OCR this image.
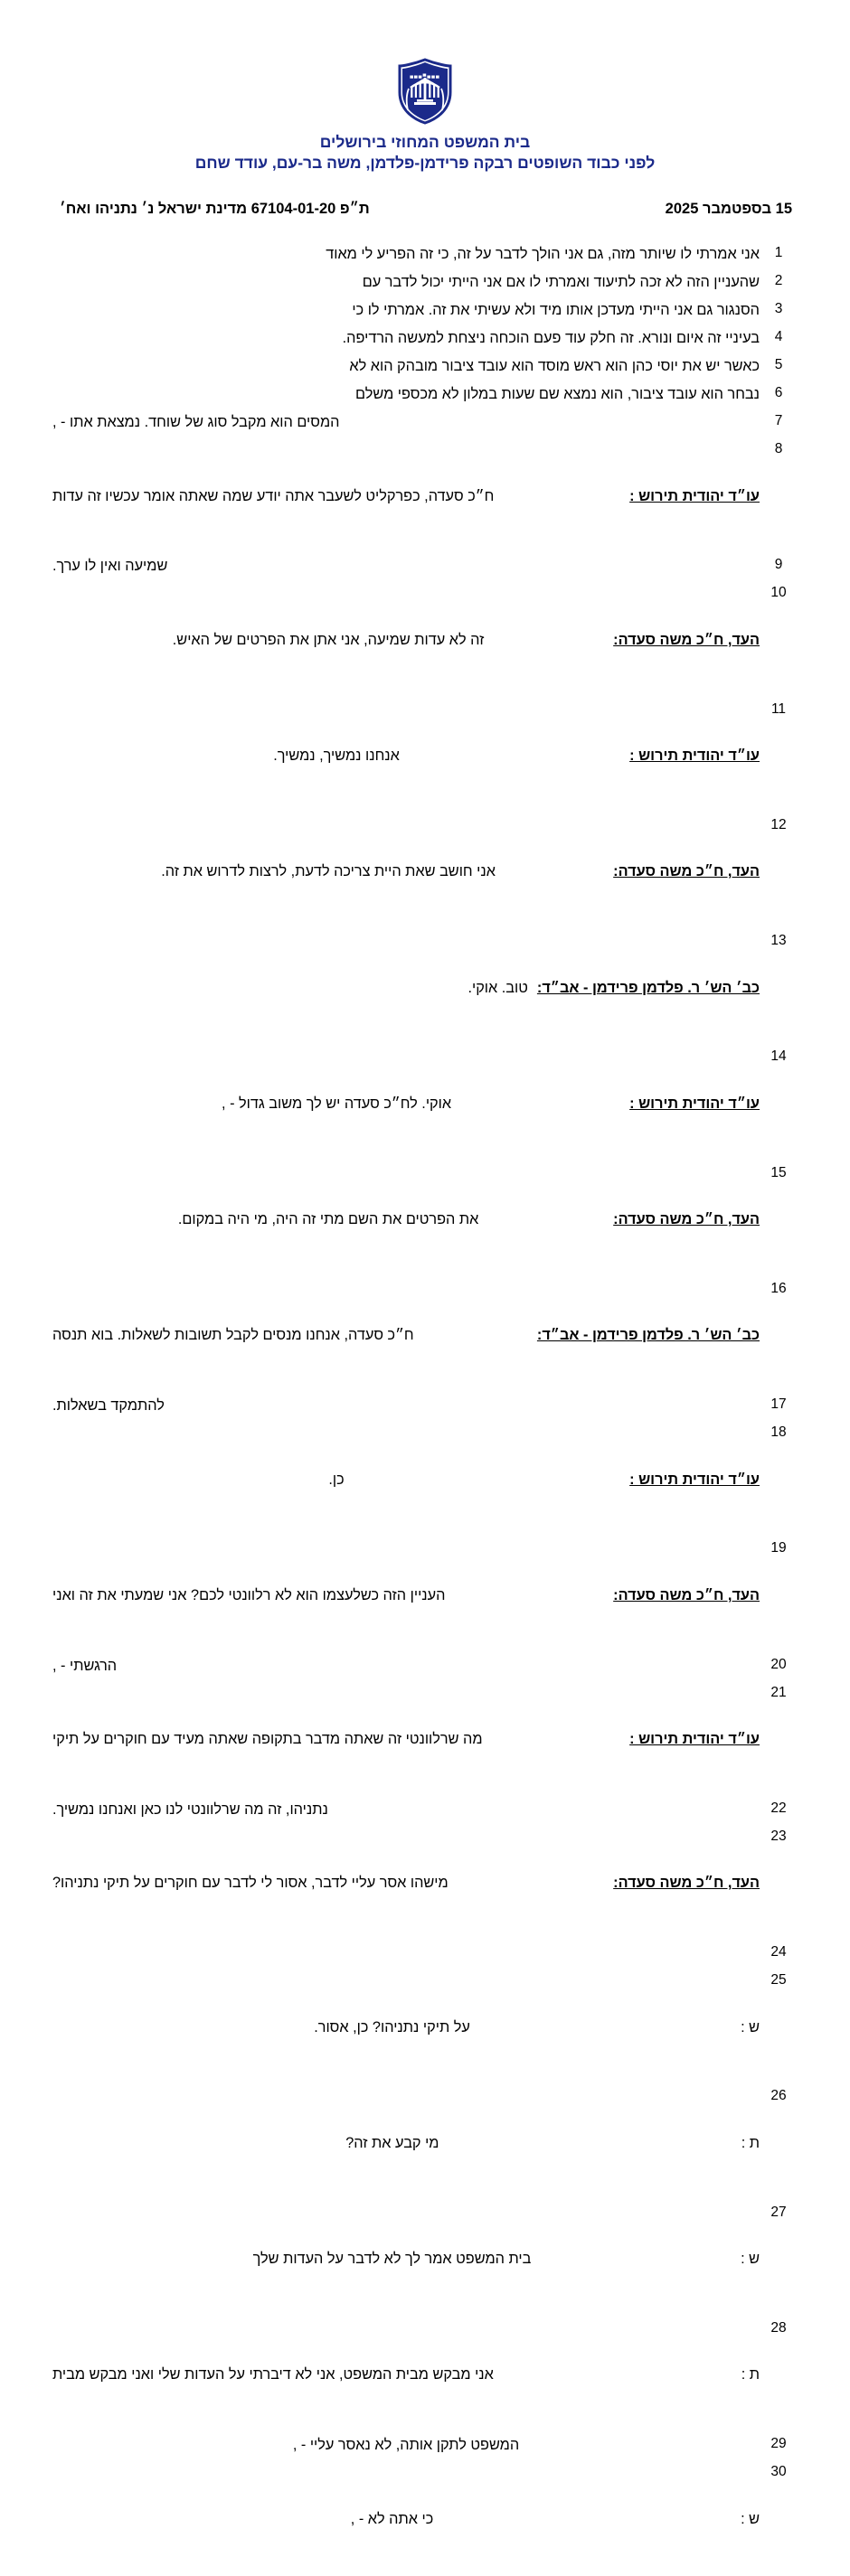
בית המשפט המחוזי בירושלים
לפני כבוד השופטים רבקה פרידמן-פלדמן, משה בר-עם, עודד שחם
15 בספטמבר 2025
ת״פ 67104-01-20 מדינת ישראל נ׳ נתניהו ואח׳
1
אני אמרתי לו שיותר מזה, גם אני הולך לדבר על זה, כי זה הפריע לי מאוד
2
שהעניין הזה לא זכה לתיעוד ואמרתי לו אם אני הייתי יכול לדבר עם
3
הסנגור גם אני הייתי מעדכן אותו מיד ולא עשיתי את זה. אמרתי לו כי
4
בעיניי זה איום ונורא. זה חלק עוד פעם הוכחה ניצחת למעשה הרדיפה.
5
כאשר יש את יוסי כהן הוא ראש מוסד הוא עובד ציבור מובהק הוא לא
6
נבחר הוא עובד ציבור, הוא נמצא שם שעות במלון לא מכספי משלם
7
המסים הוא מקבל סוג של שוחד. נמצאת אתו - ,
8

עו״ד יהודית תירוש :
ח״כ סעדה, כפרקליט לשעבר אתה יודע שמה שאתה אומר עכשיו זה עדות

9
שמיעה ואין לו ערך.
10

העד, ח״כ משה סעדה:
זה לא עדות שמיעה, אני אתן את הפרטים של האיש.

11

עו״ד יהודית תירוש :
אנחנו נמשיך, נמשיך.

12

העד, ח״כ משה סעדה:
אני חושב שאת היית צריכה לדעת, לרצות לדרוש את זה.

13

כב׳ הש׳ ר. פלדמן פרידמן - אב״ד:
טוב. אוקי.

14

עו״ד יהודית תירוש :
אוקי. לח״כ סעדה יש לך משוב גדול - ,

15

העד, ח״כ משה סעדה:
את הפרטים את השם מתי זה היה, מי היה במקום.

16

כב׳ הש׳ ר. פלדמן פרידמן - אב״ד:
ח״כ סעדה, אנחנו מנסים לקבל תשובות לשאלות. בוא תנסה

17
להתמקד בשאלות.
18

עו״ד יהודית תירוש :
כן.

19

העד, ח״כ משה סעדה:
העניין הזה כשלעצמו הוא לא רלוונטי לכם? אני שמעתי את זה ואני

20
הרגשתי - ,
21

עו״ד יהודית תירוש :
מה שרלוונטי זה שאתה מדבר בתקופה שאתה מעיד עם חוקרים על תיקי

22
נתניהו, זה מה שרלוונטי לנו כאן ואנחנו נמשיך.
23

העד, ח״כ משה סעדה:
מישהו אסר עליי לדבר, אסור לי לדבר עם חוקרים על תיקי נתניהו?

24
25

ש :
על תיקי נתניהו? כן, אסור.

26

ת :
מי קבע את זה?

27

ש :
בית המשפט אמר לך לא לדבר על העדות שלך

28

ת :
אני מבקש מבית המשפט, אני לא דיברתי על העדות שלי ואני מבקש מבית

29
המשפט לתקן אותה, לא נאסר עליי - ,
30

ש :
כי אתה לא - ,
